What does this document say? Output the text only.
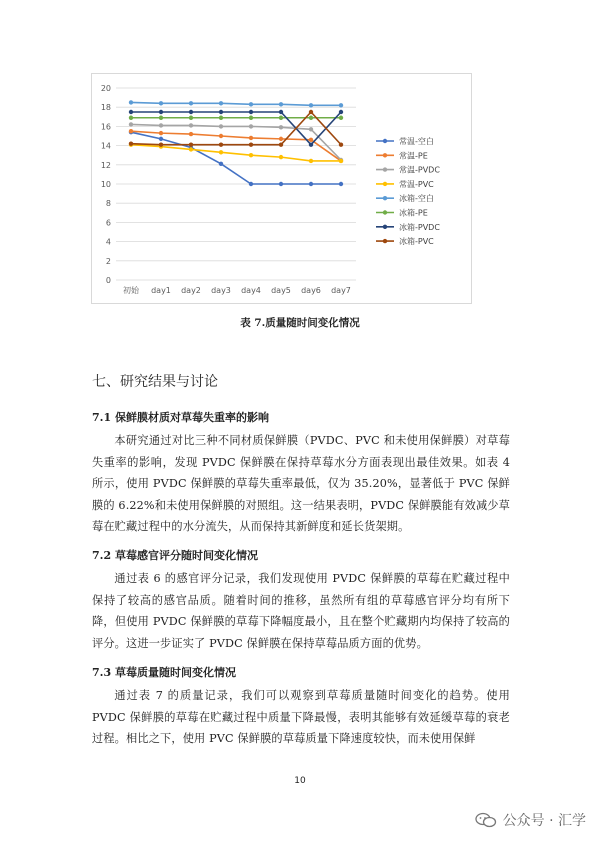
0
2
4
6
8
10
12
14
16
18
20
初始 day1 day2 day3 day4 day5 day6 day7
常温-空白
常温-PE
常温-PVDC
常温-PVC
冰箱-空白
冰箱-PE
冰箱-PVDC
冰箱-PVC
表 7.质量随时间变化情况
七、研究结果与讨论
7.1 保鲜膜材质对草莓失重率的影响
本研究通过对比三种不同材质保鲜膜（PVDC、PVC 和未使用保鲜膜）对草莓失重率的影响，发现 PVDC 保鲜膜在保持草莓水分方面表现出最佳效果。如表 4 所示，使用 PVDC 保鲜膜的草莓失重率最低，仅为 35.20%，显著低于 PVC 保鲜膜的 6.22%和未使用保鲜膜的对照组。这一结果表明，PVDC 保鲜膜能有效减少草莓在贮藏过程中的水分流失，从而保持其新鲜度和延长货架期。
7.2 草莓感官评分随时间变化情况
通过表 6 的感官评分记录，我们发现使用 PVDC 保鲜膜的草莓在贮藏过程中保持了较高的感官品质。随着时间的推移，虽然所有组的草莓感官评分均有所下降，但使用 PVDC 保鲜膜的草莓下降幅度最小，且在整个贮藏期内均保持了较高的评分。这进一步证实了 PVDC 保鲜膜在保持草莓品质方面的优势。
7.3 草莓质量随时间变化情况
通过表 7 的质量记录，我们可以观察到草莓质量随时间变化的趋势。使用 PVDC 保鲜膜的草莓在贮藏过程中质量下降最慢，表明其能够有效延缓草莓的衰老过程。相比之下，使用 PVC 保鲜膜的草莓质量下降速度较快，而未使用保鲜
10
公众号 · 汇学
